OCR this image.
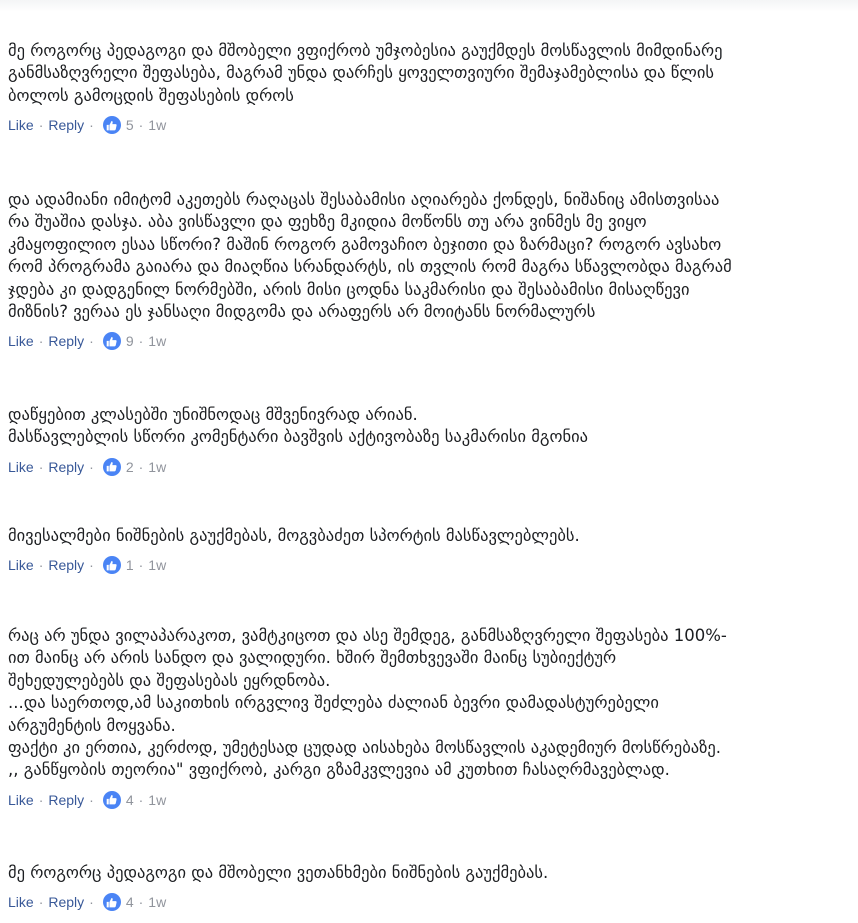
მე როგორც პედაგოგი და მშობელი ვფიქრობ უმჯობესია გაუქმდეს მოსწავლის მიმდინარე
განმსაზღვრელი შეფასება, მაგრამ უნდა დარჩეს ყოველთვიური შემაჯამებლისა და წლის
ბოლოს გამოცდის შეფასების დროს
Like · Reply · 5 · 1w
და ადამიანი იმიტომ აკეთებს რაღაცას შესაბამისი აღიარება ქონდეს, ნიშანიც ამისთვისაა
რა შუაშია დასჯა. აბა ვისწავლი და ფეხზე მკიდია მოწონს თუ არა ვინმეს მე ვიყო
კმაყოფილიო ესაა სწორი? მაშინ როგორ გამოვაჩიო ბეჯითი და ზარმაცი? როგორ ავსახო
რომ პროგრამა გაიარა და მიაღწია სრანდარტს, ის თვლის რომ მაგრა სწავლობდა მაგრამ
ჯდება კი დადგენილ ნორმებში, არის მისი ცოდნა საკმარისი და შესაბამისი მისაღწევი
მიზნის? ვერაა ეს ჯანსაღი მიდგომა და არაფერს არ მოიტანს ნორმალურს
Like · Reply · 9 · 1w
დაწყებით კლასებში უნიშნოდაც მშვენივრად არიან.
მასწავლებლის სწორი კომენტარი ბავშვის აქტივობაზე საკმარისი მგონია
Like · Reply · 2 · 1w
მივესალმები ნიშნების გაუქმებას, მოგვბაძეთ სპორტის მასწავლებლებს.
Like · Reply · 1 · 1w
რაც არ უნდა ვილაპარაკოთ, ვამტკიცოთ და ასე შემდეგ, განმსაზღვრელი შეფასება 100%-
ით მაინც არ არის სანდო და ვალიდური. ხშირ შემთხვევაში მაინც სუბიექტურ
შეხედულებებს და შეფასებას ეყრდნობა.
...და საერთოდ,ამ საკითხის ირგვლივ შეძლება ძალიან ბევრი დამადასტურებელი
არგუმენტის მოყვანა.
ფაქტი კი ერთია, კერძოდ, უმეტესად ცუდად აისახება მოსწავლის აკადემიურ მოსწრებაზე.
,, განწყობის თეორია" ვფიქრობ, კარგი გზამკვლევია ამ კუთხით ჩასაღრმავებლად.
Like · Reply · 4 · 1w
მე როგორც პედაგოგი და მშობელი ვეთანხმები ნიშნების გაუქმებას.
Like · Reply · 4 · 1w
